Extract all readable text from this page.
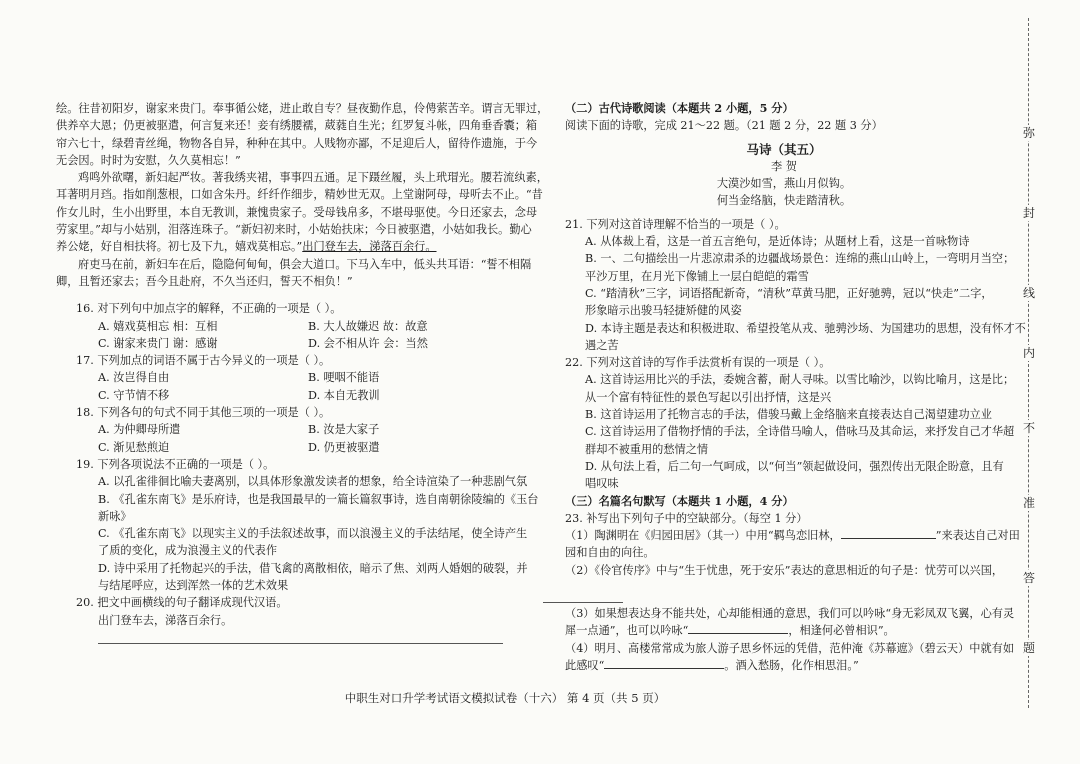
绘。往昔初阳岁，谢家来贵门。奉事循公姥，进止敢自专？昼夜勤作息，伶俜萦苦辛。谓言无罪过，
供养卒大恩；仍更被驱遣，何言复来还！妾有绣腰襦，葳蕤自生光；红罗复斗帐，四角垂香囊；箱
帘六七十，绿碧青丝绳，物物各自异，种种在其中。人贱物亦鄙，不足迎后人，留待作遗施，于今
无会因。时时为安慰，久久莫相忘！”
鸡鸣外欲曙，新妇起严妆。著我绣夹裙，事事四五通。足下蹑丝履，头上玳瑁光。腰若流纨素，
耳著明月珰。指如削葱根，口如含朱丹。纤纤作细步，精妙世无双。上堂谢阿母，母听去不止。“昔
作女儿时，生小出野里，本自无教训，兼愧贵家子。受母钱帛多，不堪母驱使。今日还家去，念母
劳家里。”却与小姑别，泪落连珠子。“新妇初来时，小姑始扶床；今日被驱遣，小姑如我长。勤心
养公姥，好自相扶将。初七及下九，嬉戏莫相忘。”出门登车去，涕落百余行。
府吏马在前，新妇车在后，隐隐何甸甸，俱会大道口。下马入车中，低头共耳语：“誓不相隔
卿，且暂还家去；吾今且赴府，不久当还归，誓天不相负！”
16. 对下列句中加点字的解释，不正确的一项是（ ）。
A. 嬉戏莫相忘 相：互相	B. 大人故嫌迟 故：故意
C. 谢家来贵门 谢：感谢	D. 会不相从许 会：当然
17. 下列加点的词语不属于古今异义的一项是（ ）。
A. 汝岂得自由	B. 哽咽不能语
C. 守节情不移	D. 本自无教训
18. 下列各句的句式不同于其他三项的一项是（ ）。
A. 为仲卿母所遣	B. 汝是大家子
C. 渐见愁煎迫	D. 仍更被驱遣
19. 下列各项说法不正确的一项是（ ）。
A. 以孔雀徘徊比喻夫妻离别，以具体形象激发读者的想象，给全诗渲染了一种悲剧气氛
B. 《孔雀东南飞》是乐府诗，也是我国最早的一篇长篇叙事诗，选自南朝徐陵编的《玉台
新咏》
C. 《孔雀东南飞》以现实主义的手法叙述故事，而以浪漫主义的手法结尾，使全诗产生
了质的变化，成为浪漫主义的代表作
D. 诗中采用了托物起兴的手法，借飞禽的离散相依，暗示了焦、刘两人婚姻的破裂，并
与结尾呼应，达到浑然一体的艺术效果
20. 把文中画横线的句子翻译成现代汉语。
出门登车去，涕落百余行。
（二）古代诗歌阅读（本题共 2 小题，5 分）
阅读下面的诗歌，完成 21～22 题。（21 题 2 分，22 题 3 分）
马诗（其五）
李 贺
大漠沙如雪，燕山月似钩。
何当金络脑，快走踏清秋。
21. 下列对这首诗理解不恰当的一项是（ ）。
A. 从体裁上看，这是一首五言绝句，是近体诗；从题材上看，这是一首咏物诗
B. 一、二句描绘出一片悲凉肃杀的边疆战场景色：连绵的燕山山岭上，一弯明月当空；
平沙万里，在月光下像铺上一层白皑皑的霜雪
C. “踏清秋”三字，词语搭配新奇，“清秋”草黄马肥，正好驰骋，冠以“快走”二字，
形象暗示出骏马轻捷矫健的风姿
D. 本诗主题是表达和积极进取、希望投笔从戎、驰骋沙场、为国建功的思想，没有怀才不
遇之苦
22. 下列对这首诗的写作手法赏析有误的一项是（ ）。
A. 这首诗运用比兴的手法，委婉含蓄，耐人寻味。以雪比喻沙，以钩比喻月，这是比；
从一个富有特征性的景色写起以引出抒情，这是兴
B. 这首诗运用了托物言志的手法，借骏马戴上金络脑来直接表达自己渴望建功立业
C. 这首诗运用了借物抒情的手法，全诗借马喻人，借咏马及其命运，来抒发自己才华超
群却不被重用的愁情之情
D. 从句法上看，后二句一气呵成，以“何当”领起做设问，强烈传出无限企盼意，且有
唱叹味
（三）名篇名句默写（本题共 1 小题，4 分）
23. 补写出下列句子中的空缺部分。（每空 1 分）
（1）陶渊明在《归园田居》（其一）中用“羁鸟恋旧林，	”来表达自己对田
园和自由的向往。
（2）《伶官传序》中与“生于忧患，死于安乐”表达的意思相近的句子是：忧劳可以兴国，
（3）如果想表达身不能共处，心却能相通的意思，我们可以吟咏“身无彩凤双飞翼，心有灵
犀一点通”，也可以吟咏“	，相逢何必曾相识”。
（4）明月、高楼常常成为旅人游子思乡怀远的凭借，范仲淹《苏幕遮》（碧云天）中就有如
此感叹“	。酒入愁肠，化作相思泪。”
中职生对口升学考试语文模拟试卷（十六） 第 4 页（共 5 页）
弥
封
线
内
不
准
答
题
